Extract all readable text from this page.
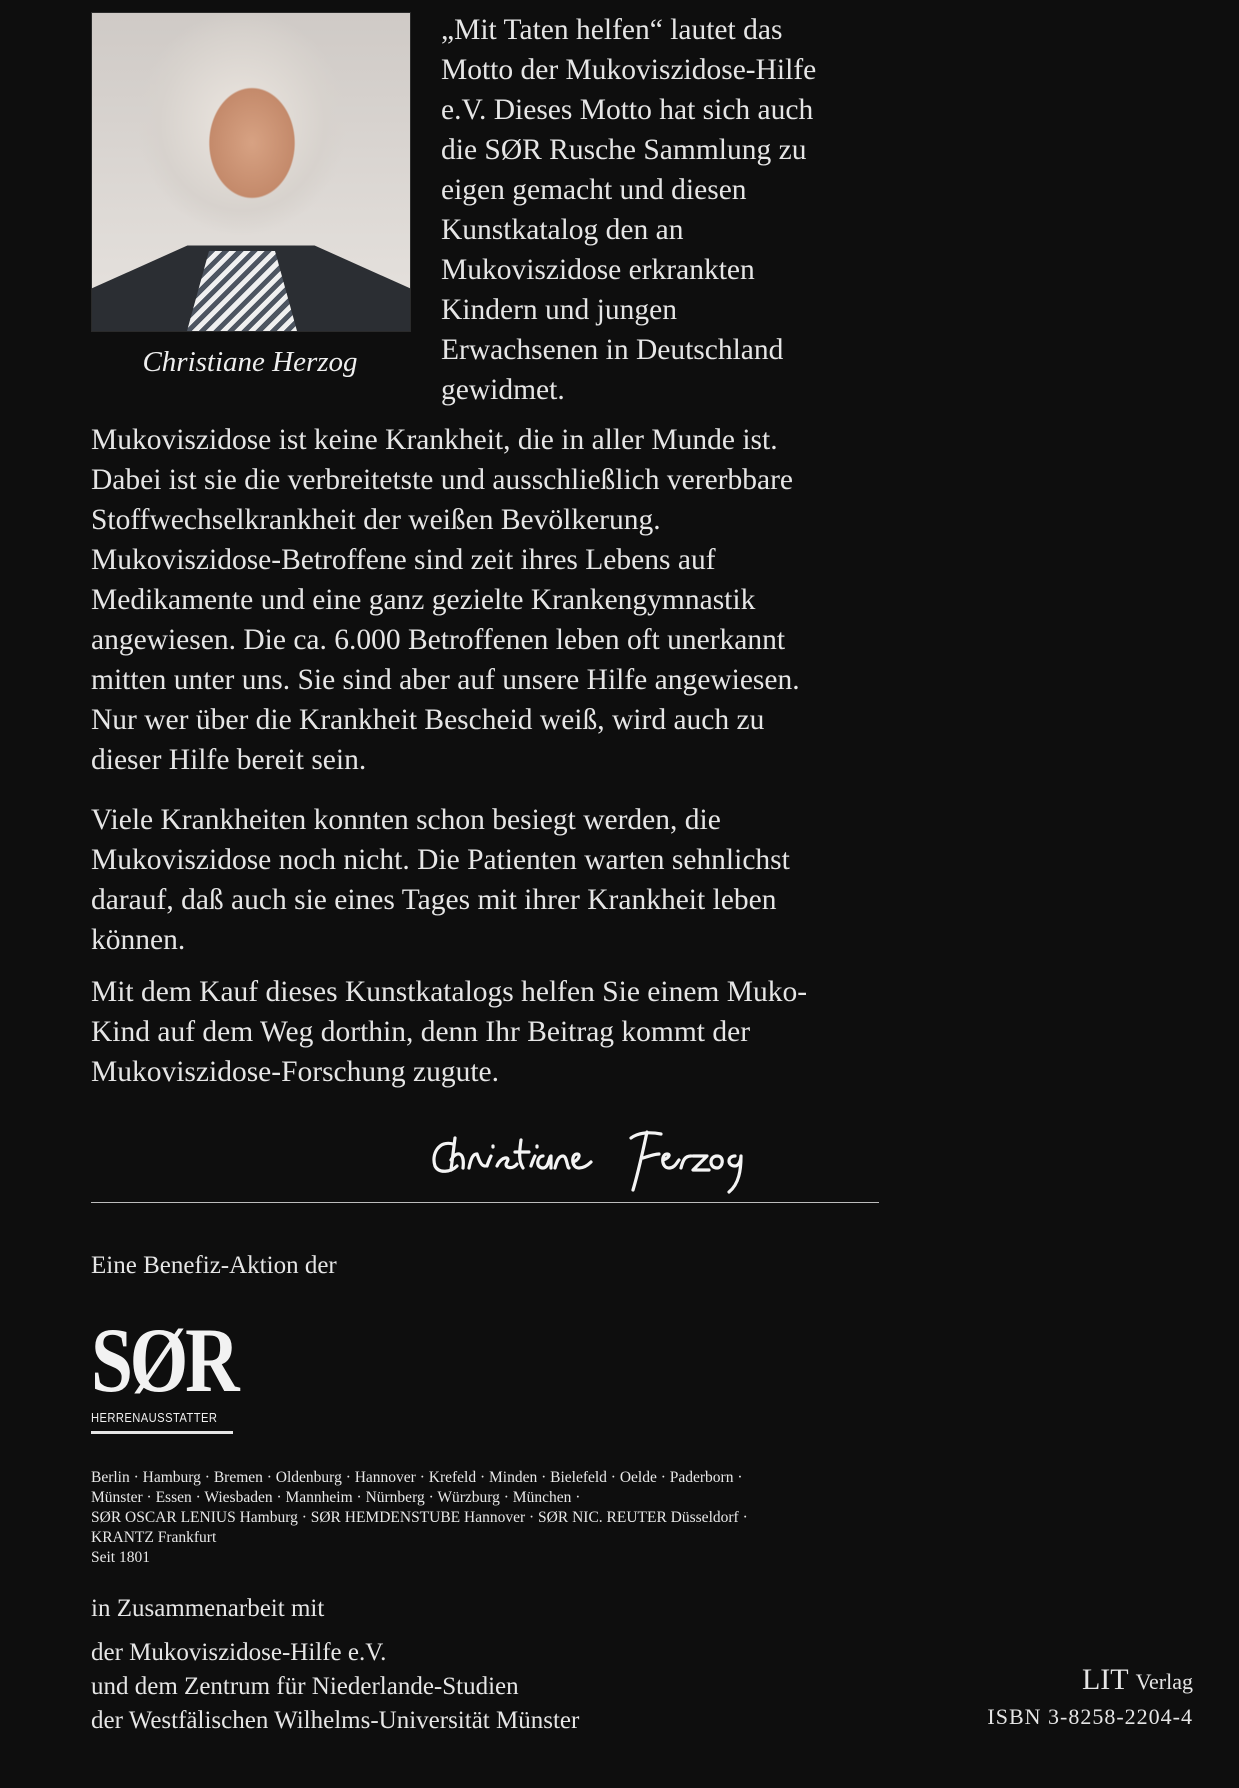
Christiane Herzog
„Mit Taten helfen“ lautet das
Motto der Mukoviszidose-Hilfe
e.V. Dieses Motto hat sich auch
die SØR Rusche Sammlung zu
eigen gemacht und diesen
Kunstkatalog den an
Mukoviszidose erkrankten
Kindern und jungen
Erwachsenen in Deutschland
gewidmet.
Mukoviszidose ist keine Krankheit, die in aller Munde ist.
Dabei ist sie die verbreitetste und ausschließlich vererbbare
Stoffwechselkrankheit der weißen Bevölkerung.
Mukoviszidose-Betroffene sind zeit ihres Lebens auf
Medikamente und eine ganz gezielte Krankengymnastik
angewiesen. Die ca. 6.000 Betroffenen leben oft unerkannt
mitten unter uns. Sie sind aber auf unsere Hilfe angewiesen.
Nur wer über die Krankheit Bescheid weiß, wird auch zu
dieser Hilfe bereit sein.
Viele Krankheiten konnten schon besiegt werden, die
Mukoviszidose noch nicht. Die Patienten warten sehnlichst
darauf, daß auch sie eines Tages mit ihrer Krankheit leben
können.
Mit dem Kauf dieses Kunstkatalogs helfen Sie einem Muko-
Kind auf dem Weg dorthin, denn Ihr Beitrag kommt der
Mukoviszidose-Forschung zugute.
Eine Benefiz-Aktion der
SØR
HERRENAUSSTATTER
Berlin · Hamburg · Bremen · Oldenburg · Hannover · Krefeld · Minden · Bielefeld · Oelde · Paderborn ·
Münster · Essen · Wiesbaden · Mannheim · Nürnberg · Würzburg · München ·
SØR OSCAR LENIUS Hamburg · SØR HEMDENSTUBE Hannover · SØR NIC. REUTER Düsseldorf ·
KRANTZ Frankfurt
Seit 1801
in Zusammenarbeit mit
der Mukoviszidose-Hilfe e.V.
und dem Zentrum für Niederlande-Studien
der Westfälischen Wilhelms-Universität Münster
LIT Verlag
ISBN 3-8258-2204-4
